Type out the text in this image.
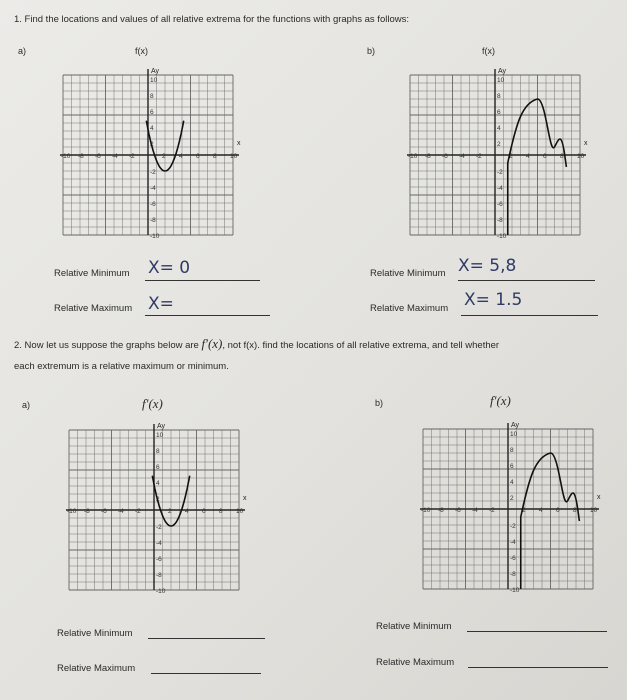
1. Find the locations and values of all relative extrema for the functions with graphs as follows:
a)	f(x)
x
Ay
-10 -8 -6 -4 -2	2 4 6 8 10
10
8
6
4
2
-2
-4
-6
-8
-10
b)	f(x)
x
Ay
-10 -8 -6 -4 -2	2 4 6 8 10
10
8
6
4
2
-2
-4
-6
-8
-10
Relative Minimum X= 0
Relative Maximum X=
Relative Minimum X= 5,8
Relative Maximum X= 1.5
2. Now let us suppose the graphs below are f′(x), not f(x). find the locations of all relative extrema, and tell whether
each extremum is a relative maximum or minimum.
a)	f′(x)
x
Ay
-10 -8 -6 -4 -2	2 4 6 8 10
10
8
6
4
2
-2
-4
-6
-8
-10
b)	f′(x)
x
Ay
-10 -8 -6 -4 -2	2 4 6 8 10
10
8
6
4
2
-2
-4
-6
-8
-10
Relative Minimum
Relative Maximum
Relative Minimum
Relative Maximum
